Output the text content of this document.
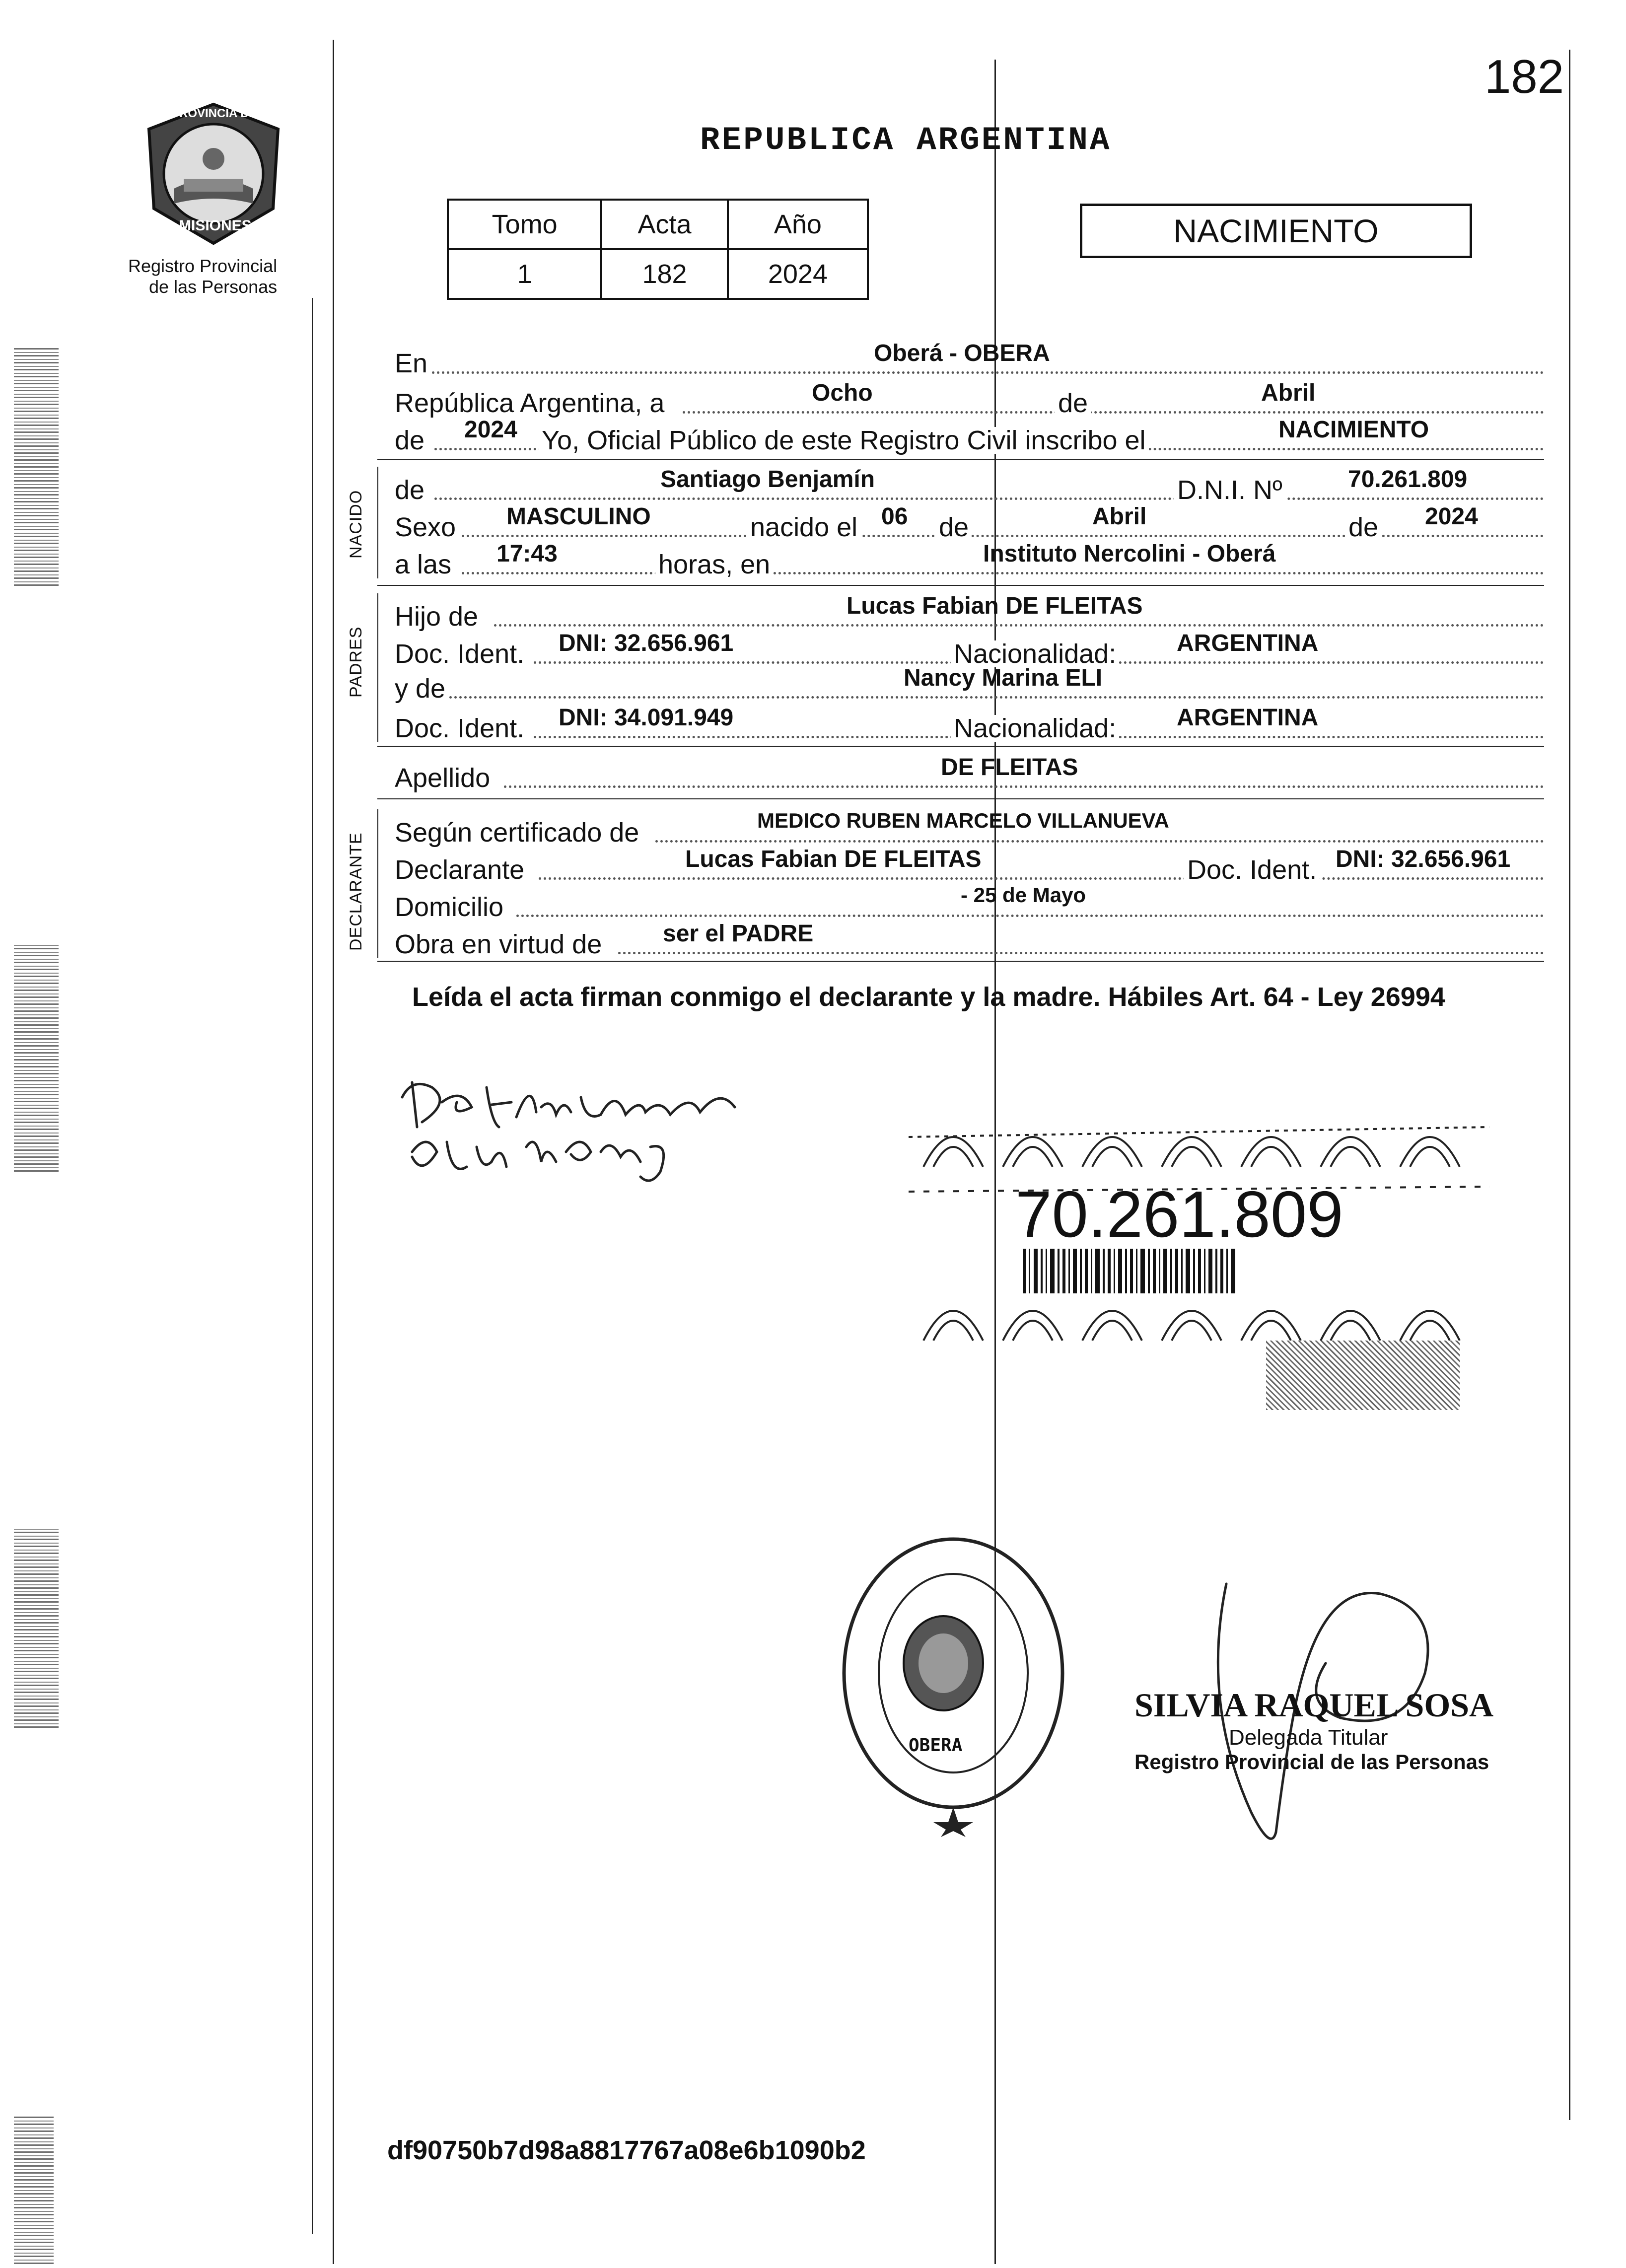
182
PROVINCIA DE
MISIONES
Registro Provincial
de las Personas
REPUBLICA ARGENTINA
Tomo	Acta	Año
1	182	2024
NACIMIENTO
En	Oberá - OBERA
República Argentina, a	Ocho	de	Abril
de 2024 Yo, Oficial Público de este Registro Civil inscribo el	NACIMIENTO
NACIDO de	Santiago Benjamín	D.N.I. Nº	70.261.809
Sexo MASCULINO	nacido el 06 de	Abril	de 2024
a las 17:43	horas, en	Instituto Nercolini - Oberá
PADRES
Hijo de	Lucas Fabian DE FLEITAS
Doc. Ident. DNI: 32.656.961	Nacionalidad:	ARGENTINA
y de	Nancy Marina ELI
Doc. Ident. DNI: 34.091.949	Nacionalidad:	ARGENTINA
Apellido	DE FLEITAS
DECLARANTE Según certificado de	MEDICO RUBEN MARCELO VILLANUEVA
Declarante	Lucas Fabian DE FLEITAS	Doc. Ident. DNI: 32.656.961
Domicilio	- 25 de Mayo
Obra en virtud de	ser el PADRE
Leída el acta firman conmigo el declarante y la madre. Hábiles Art. 64 - Ley 26994
70.261.809
OBERA
SILVIA RAQUEL SOSA
Delegada Titular
Registro Provincial de las Personas
df90750b7d98a8817767a08e6b1090b2
